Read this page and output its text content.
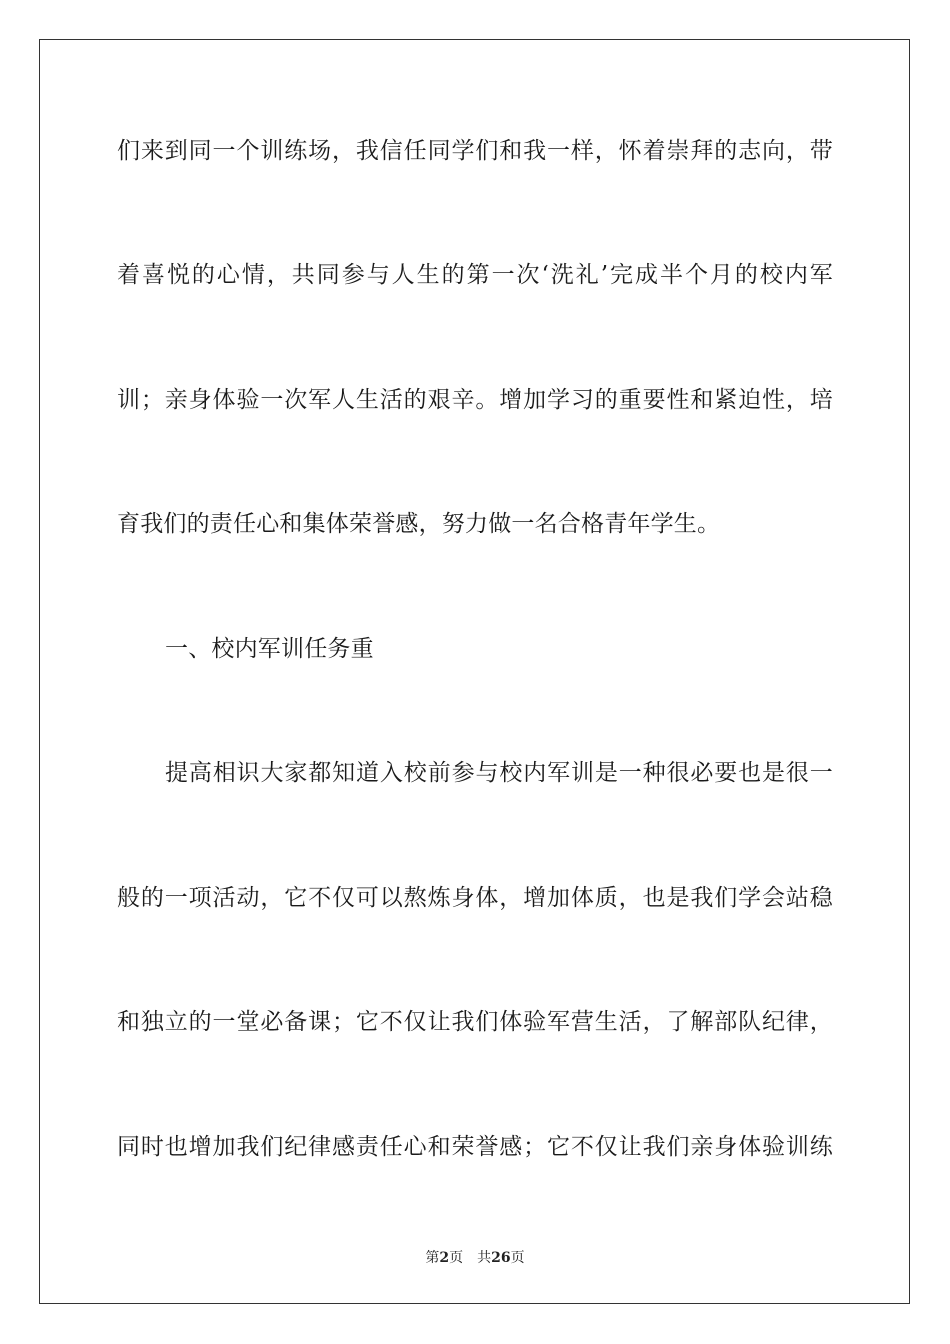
们来到同一个训练场，我信任同学们和我一样，怀着崇拜的志向，带
着喜悦的心情，共同参与人生的第一次‘洗礼’完成半个月的校内军
训；亲身体验一次军人生活的艰辛。增加学习的重要性和紧迫性，培
育我们的责任心和集体荣誉感，努力做一名合格青年学生。
一、校内军训任务重
提高相识大家都知道入校前参与校内军训是一种很必要也是很一
般的一项活动，它不仅可以熬炼身体，增加体质，也是我们学会站稳
和独立的一堂必备课；它不仅让我们体验军营生活，了解部队纪律，
同时也增加我们纪律感责任心和荣誉感；它不仅让我们亲身体验训练
第2页 共26页
